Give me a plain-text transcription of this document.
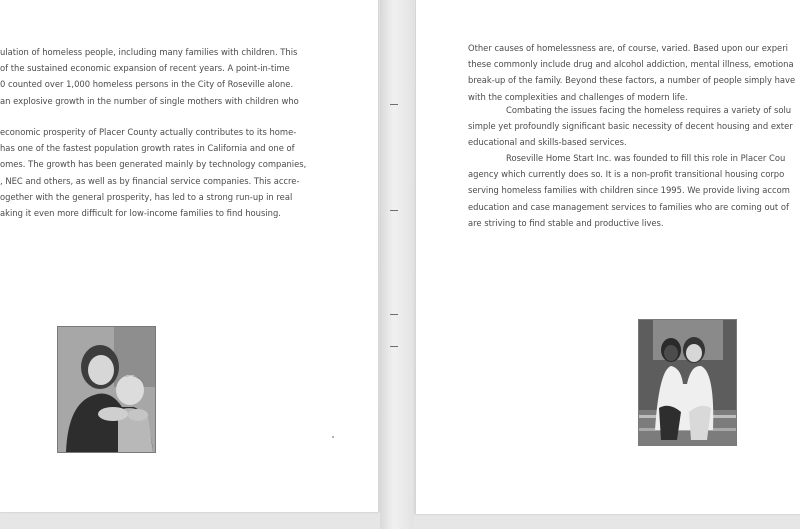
ulation of homeless people, including many families with children. This
of the sustained economic expansion of recent years. A point-in-time
0 counted over 1,000 homeless persons in the City of Roseville alone.
an explosive growth in the number of single mothers with children who
economic prosperity of Placer County actually contributes to its home-
has one of the fastest population growth rates in California and one of
omes. The growth has been generated mainly by technology companies,
, NEC and others, as well as by financial service companies. This accre-
ogether with the general prosperity, has led to a strong run-up in real
aking it even more difficult for low-income families to find housing.
Other causes of homelessness are, of course, varied. Based upon our experi
these commonly include drug and alcohol addiction, mental illness, emotiona
break-up of the family. Beyond these factors, a number of people simply have
with the complexities and challenges of modern life.
Combating the issues facing the homeless requires a variety of solu
simple yet profoundly significant basic necessity of decent housing and exter
educational and skills-based services.
Roseville Home Start Inc. was founded to fill this role in Placer Cou
agency which currently does so. It is a non-profit transitional housing corpo
serving homeless families with children since 1995. We provide living accom
education and case management services to families who are coming out of
are striving to find stable and productive lives.
